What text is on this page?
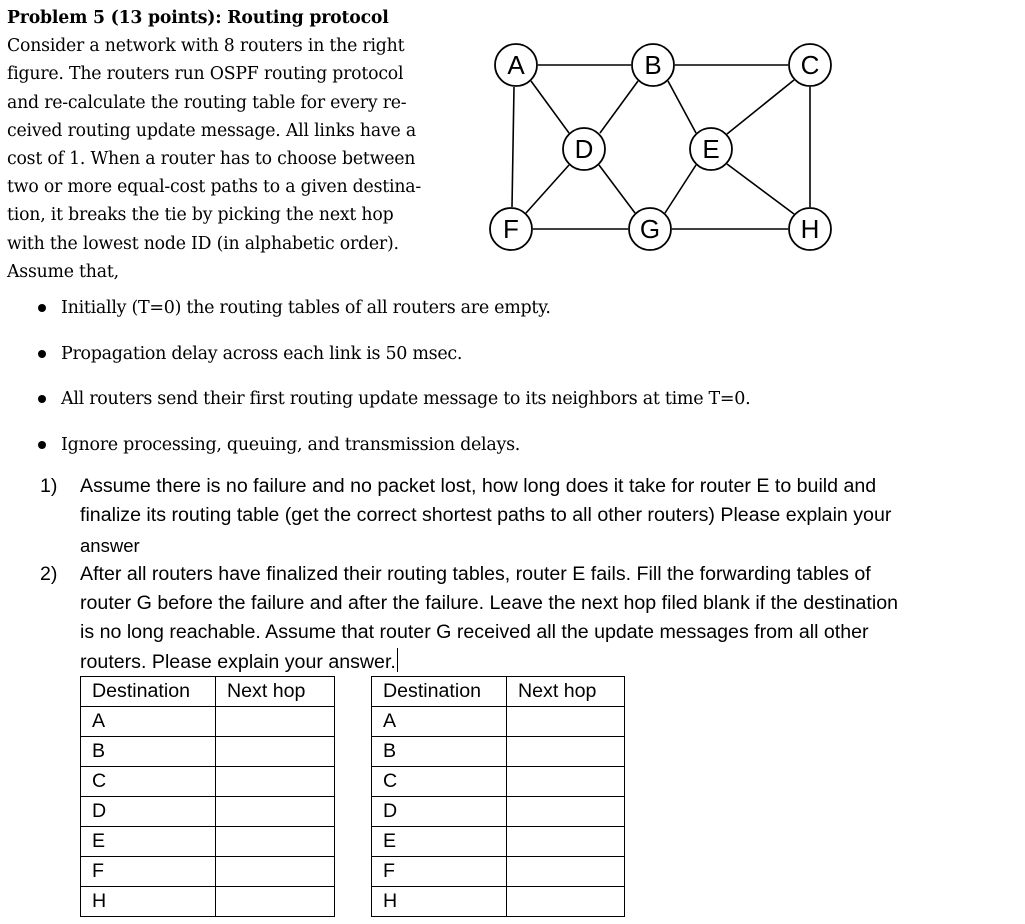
Problem 5 (13 points): Routing protocol
Consider a network with 8 routers in the right
figure. The routers run OSPF routing protocol
and re-calculate the routing table for every re-
ceived routing update message. All links have a
cost of 1. When a router has to choose between
two or more equal-cost paths to a given destina-
tion, it breaks the tie by picking the next hop
with the lowest node ID (in alphabetic order).
Assume that,
A	B	C
D	E
F	G	H
Initially (T=0) the routing tables of all routers are empty.
Propagation delay across each link is 50 msec.
All routers send their first routing update message to its neighbors at time T=0.
Ignore processing, queuing, and transmission delays.
1) Assume there is no failure and no packet lost, how long does it take for router E to build and
finalize its routing table (get the correct shortest paths to all other routers) Please explain your
answer
2) After all routers have finalized their routing tables, router E fails. Fill the forwarding tables of
router G before the failure and after the failure. Leave the next hop filed blank if the destination
is no long reachable. Assume that router G received all the update messages from all other
routers. Please explain your answer.
Destination	Next hop
A	
B	
C	
D	
E	
F	
H	
Destination	Next hop
A	
B	
C	
D	
E	
F	
H	
